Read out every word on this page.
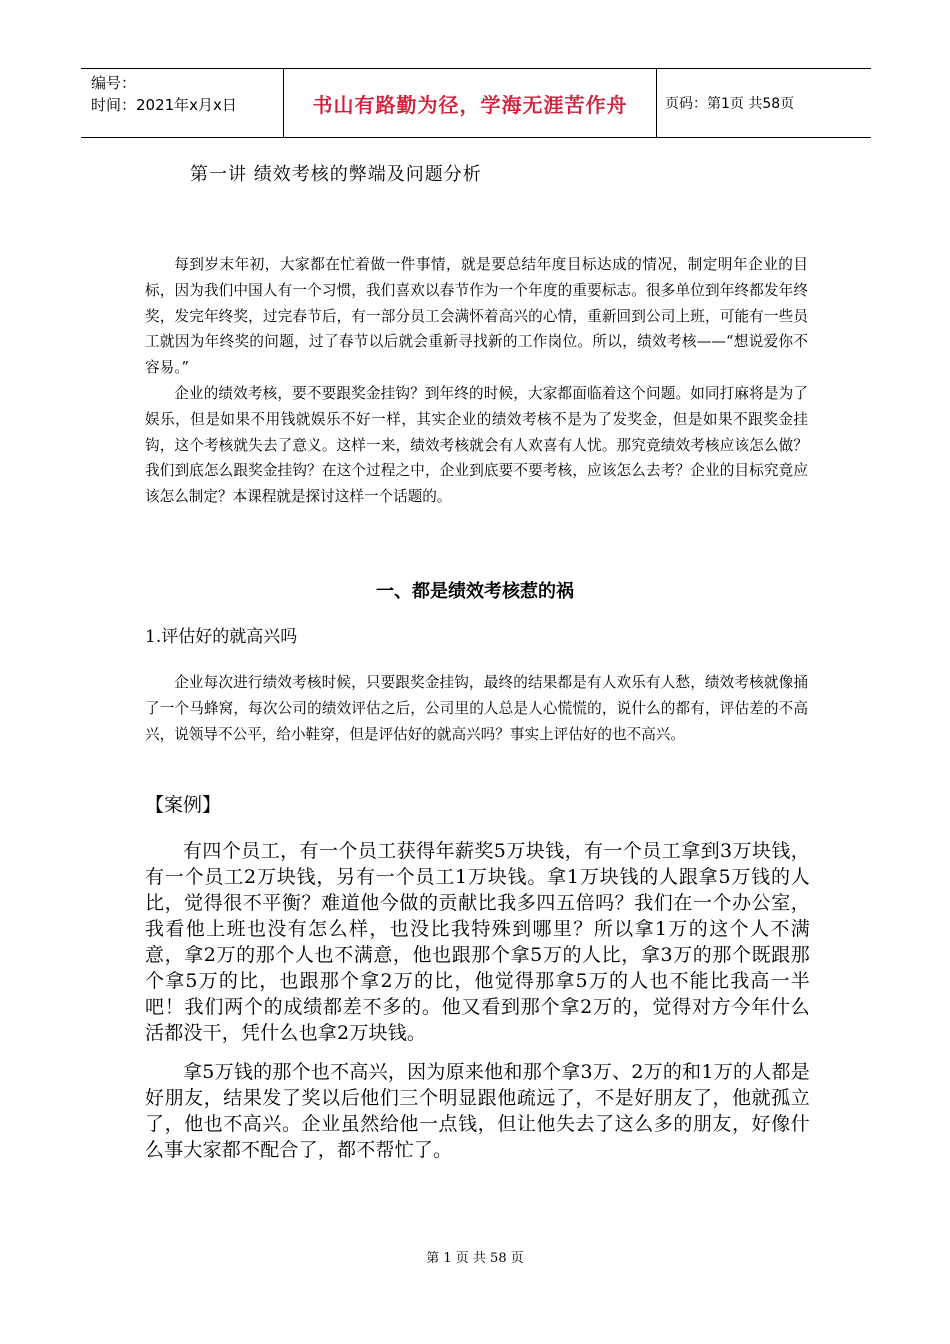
编号：
时间：2021年x月x日	书山有路勤为径，学海无涯苦作舟	页码：第1页 共58页
第一讲 绩效考核的弊端及问题分析

每到岁末年初，大家都在忙着做一件事情，就是要总结年度目标达成的情况，制定明年企业的目标，因为我们中国人有一个习惯，我们喜欢以春节作为一个年度的重要标志。很多单位到年终都发年终奖，发完年终奖，过完春节后，有一部分员工会满怀着高兴的心情，重新回到公司上班，可能有一些员工就因为年终奖的问题，过了春节以后就会重新寻找新的工作岗位。所以，绩效考核——“想说爱你不容易。”

企业的绩效考核，要不要跟奖金挂钩？到年终的时候，大家都面临着这个问题。如同打麻将是为了娱乐，但是如果不用钱就娱乐不好一样，其实企业的绩效考核不是为了发奖金，但是如果不跟奖金挂钩，这个考核就失去了意义。这样一来，绩效考核就会有人欢喜有人忧。那究竟绩效考核应该怎么做？我们到底怎么跟奖金挂钩？在这个过程之中，企业到底要不要考核，应该怎么去考？企业的目标究竟应该怎么制定？本课程就是探讨这样一个话题的。

一、都是绩效考核惹的祸
1.评估好的就高兴吗

企业每次进行绩效考核时候，只要跟奖金挂钩，最终的结果都是有人欢乐有人愁，绩效考核就像捅了一个马蜂窝，每次公司的绩效评估之后，公司里的人总是人心慌慌的，说什么的都有，评估差的不高兴，说领导不公平，给小鞋穿，但是评估好的就高兴吗？事实上评估好的也不高兴。

【案例】

有四个员工，有一个员工获得年薪奖5万块钱，有一个员工拿到3万块钱，有一个员工2万块钱，另有一个员工1万块钱。拿1万块钱的人跟拿5万钱的人比，觉得很不平衡？难道他今做的贡献比我多四五倍吗？我们在一个办公室，我看他上班也没有怎么样，也没比我特殊到哪里？所以拿1万的这个人不满意，拿2万的那个人也不满意，他也跟那个拿5万的人比，拿3万的那个既跟那个拿5万的比，也跟那个拿2万的比，他觉得那拿5万的人也不能比我高一半吧！我们两个的成绩都差不多的。他又看到那个拿2万的，觉得对方今年什么活都没干，凭什么也拿2万块钱。

拿5万钱的那个也不高兴，因为原来他和那个拿3万、2万的和1万的人都是好朋友，结果发了奖以后他们三个明显跟他疏远了，不是好朋友了，他就孤立了，他也不高兴。企业虽然给他一点钱，但让他失去了这么多的朋友，好像什么事大家都不配合了，都不帮忙了。

第 1 页 共 58 页
